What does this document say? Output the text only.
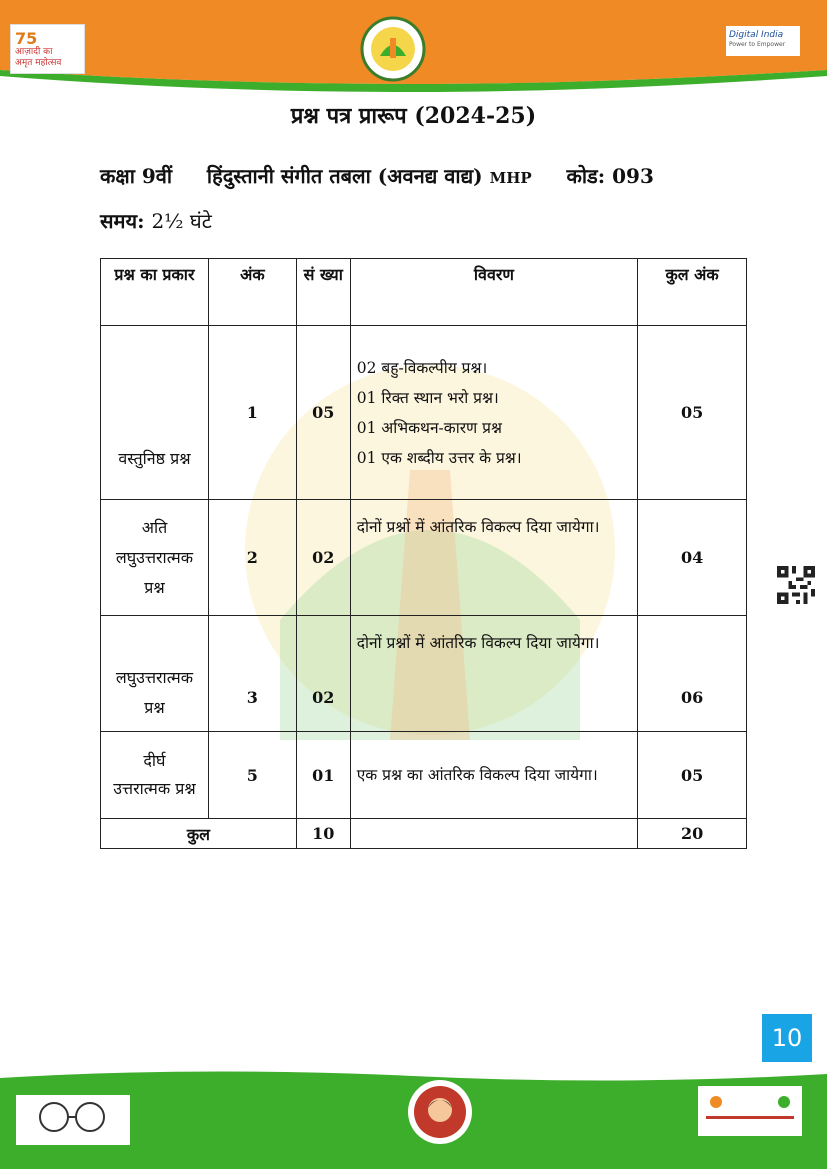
75
आज़ादी का
अमृत महोत्सव
Digital India
Power to Empower
प्रश्न पत्र प्रारूप (2024-25)
कक्षा 9वीं हिंदुस्तानी संगीत तबला (अवनद्य वाद्य) MHP कोड: 093
समय: 2½ घंटे
प्रश्न का प्रकार	अंक	सं ख्या	विवरण	कुल अंक
वस्तुनिष्ठ प्रश्न	1	05	02 बहु-विकल्पीय प्रश्न।
01 रिक्त स्थान भरो प्रश्न।
01 अभिकथन-कारण प्रश्न
01 एक शब्दीय उत्तर के प्रश्न।	05

अति
लघुउत्तरात्मक
प्रश्न	2	02	दोनों प्रश्नों में आंतरिक विकल्प दिया जायेगा।	04

लघुउत्तरात्मक
प्रश्न	3	02	दोनों प्रश्नों में आंतरिक विकल्प दिया जायेगा।	06

दीर्घ
उत्तरात्मक प्रश्न	5	01	एक प्रश्न का आंतरिक विकल्प दिया जायेगा।	05
कुल		10		20
10
